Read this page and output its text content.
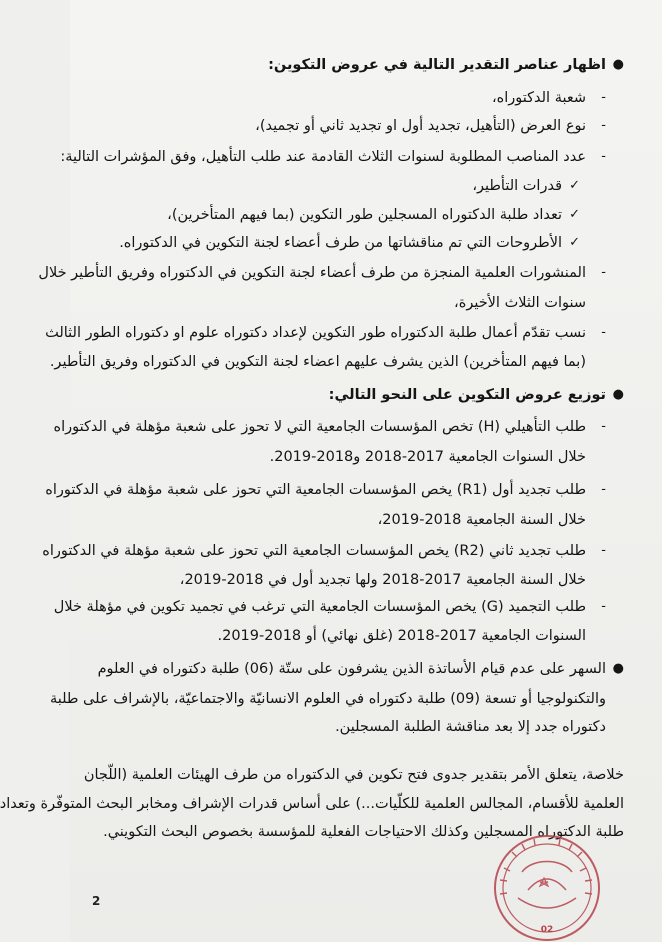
●
اظهار عناصر التقدير التالية في عروض التكوين:
-
شعبة الدكتوراه،
-
نوع العرض (التأهيل، تجديد أول او تجديد ثاني أو تجميد)،
-
عدد المناصب المطلوبة لسنوات الثلاث القادمة عند طلب التأهيل، وفق المؤشرات التالية:
✓
قدرات التأطير،
✓
تعداد طلبة الدكتوراه المسجلين طور التكوين (بما فيهم المتأخرين)،
✓
الأطروحات التي تم مناقشاتها من طرف أعضاء لجنة التكوين في الدكتوراه.
-
المنشورات العلمية المنجزة من طرف أعضاء لجنة التكوين في الدكتوراه وفريق التأطير خلال
سنوات الثلاث الأخيرة،
-
نسب تقدّم أعمال طلبة الدكتوراه طور التكوين لإعداد دكتوراه علوم او دكتوراه الطور الثالث
(بما فيهم المتأخرين) الذين يشرف عليهم اعضاء لجنة التكوين في الدكتوراه وفريق التأطير.
●
توزيع عروض التكوين على النحو التالي:
-
طلب التأهيلي (H) تخص المؤسسات الجامعية التي لا تحوز على شعبة مؤهلة في الدكتوراه
خلال السنوات الجامعية 2017-2018 و2018-2019.
-
طلب تجديد أول (R1) يخص المؤسسات الجامعية التي تحوز على شعبة مؤهلة في الدكتوراه
خلال السنة الجامعية 2018-2019،
-
طلب تجديد ثاني (R2) يخص المؤسسات الجامعية التي تحوز على شعبة مؤهلة في الدكتوراه
خلال السنة الجامعية 2017-2018 ولها تجديد أول في 2018-2019،
-
طلب التجميد (G) يخص المؤسسات الجامعية التي ترغب في تجميد تكوين في مؤهلة خلال
السنوات الجامعية 2017-2018 (غلق نهائي) أو 2018-2019.
●
السهر على عدم قيام الأساتذة الذين يشرفون على ستّة (06) طلبة دكتوراه في العلوم
والتكنولوجيا أو تسعة (09) طلبة دكتوراه في العلوم الانسانيّة والاجتماعيّة، بالإشراف على طلبة
دكتوراه جدد إلا بعد مناقشة الطلبة المسجلين.
خلاصة، يتعلق الأمر بتقدير جدوى فتح تكوين في الدكتوراه من طرف الهيئات العلمية (اللّجان
العلمية للأقسام، المجالس العلمية للكلّيات...) على أساس قدرات الإشراف ومخابر البحث المتوفّرة وتعداد
طلبة الدكتوراه المسجلين وكذلك الاحتياجات الفعلية للمؤسسة بخصوص البحث التكويني.
02
2
